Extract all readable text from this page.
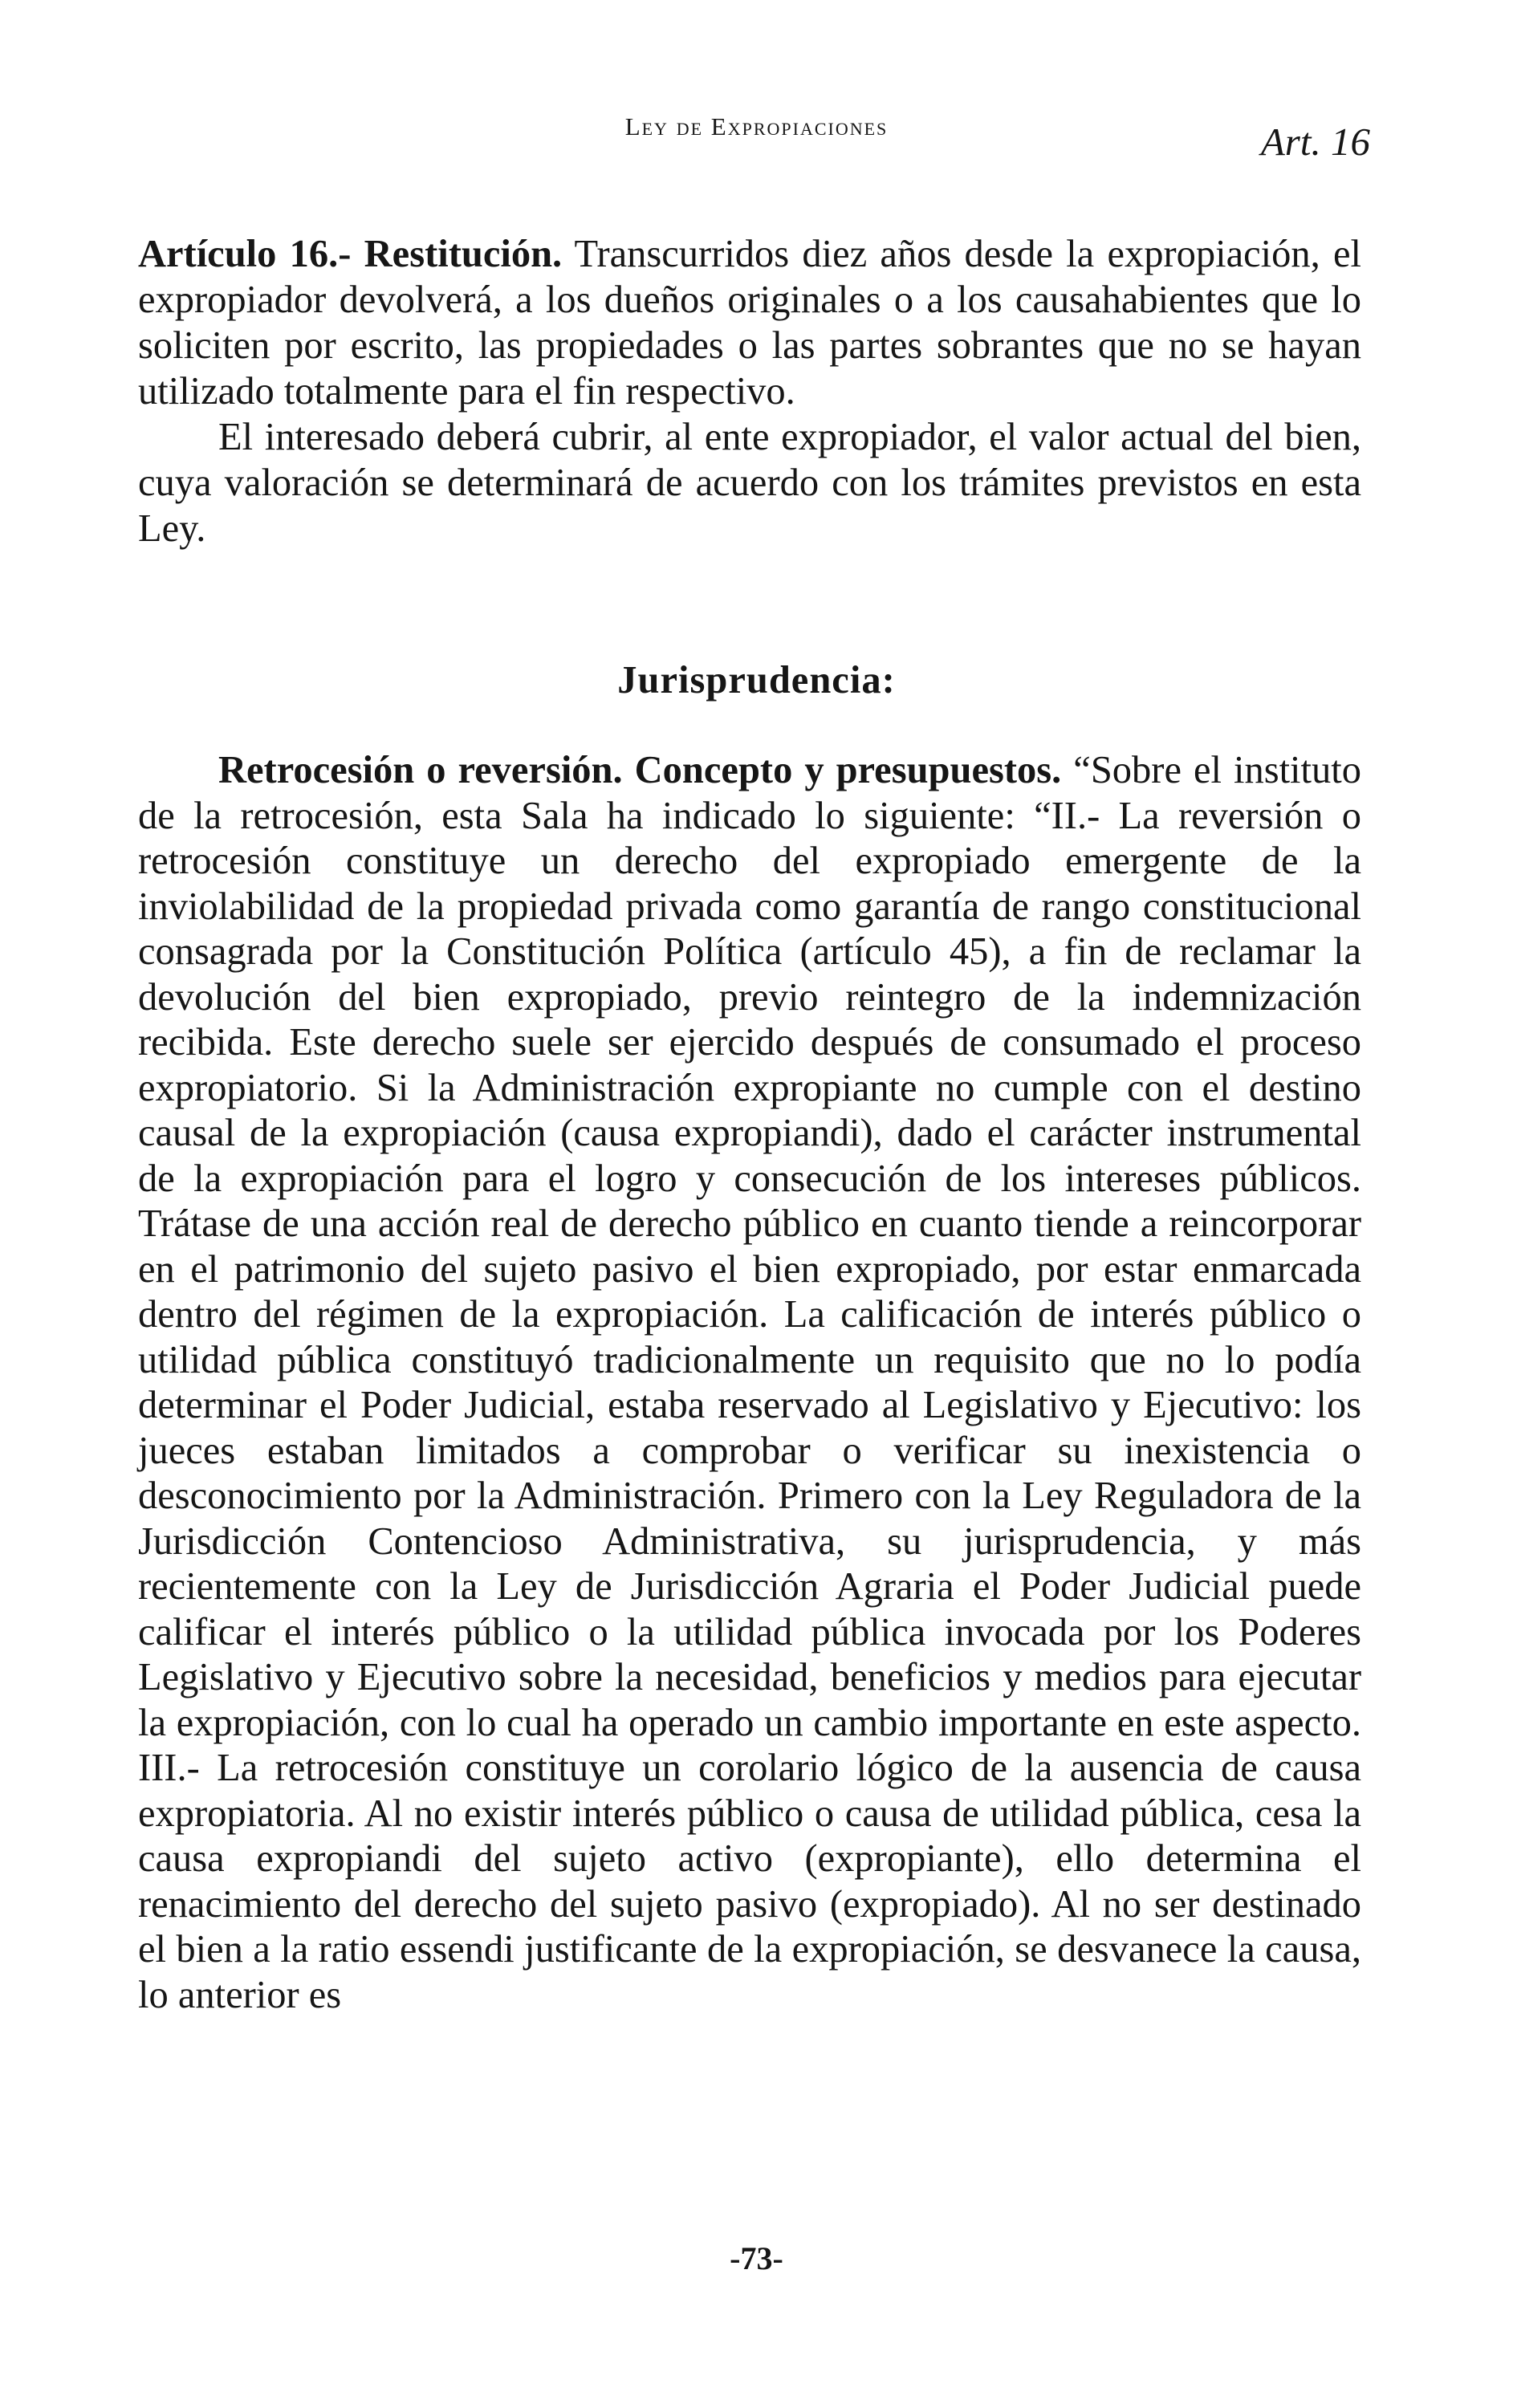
Ley de Expropiaciones	Art. 16

Artículo 16.- Restitución. Transcurridos diez años desde la expropiación, el expropiador devolverá, a los dueños originales o a los causahabientes que lo soliciten por escrito, las propiedades o las partes sobrantes que no se hayan utilizado totalmente para el fin respectivo.

El interesado deberá cubrir, al ente expropiador, el valor actual del bien, cuya valoración se determinará de acuerdo con los trámites previstos en esta Ley.

Jurisprudencia:

Retrocesión o reversión. Concepto y presupuestos. “Sobre el instituto de la retrocesión, esta Sala ha indicado lo siguiente: “II.- La reversión o retrocesión constituye un derecho del expropiado emergente de la inviolabilidad de la propiedad privada como garantía de rango constitucional consagrada por la Constitución Política (artículo 45), a fin de reclamar la devolución del bien expropiado, previo reintegro de la indemnización recibida. Este derecho suele ser ejercido después de consumado el proceso expropiatorio. Si la Administración expropiante no cumple con el destino causal de la expropiación (causa expropiandi), dado el carácter instrumental de la expropiación para el logro y consecución de los intereses públicos. Trátase de una acción real de derecho público en cuanto tiende a reincorporar en el patrimonio del sujeto pasivo el bien expropiado, por estar enmarcada dentro del régimen de la expropiación. La calificación de interés público o utilidad pública constituyó tradicionalmente un requisito que no lo podía determinar el Poder Judicial, estaba reservado al Legislativo y Ejecutivo: los jueces estaban limitados a comprobar o verificar su inexistencia o desconocimiento por la Administración. Primero con la Ley Reguladora de la Jurisdicción Contencioso Administrativa, su jurisprudencia, y más recientemente con la Ley de Jurisdicción Agraria el Poder Judicial puede calificar el interés público o la utilidad pública invocada por los Poderes Legislativo y Ejecutivo sobre la necesidad, beneficios y medios para ejecutar la expropiación, con lo cual ha operado un cambio importante en este aspecto. III.- La retrocesión constituye un corolario lógico de la ausencia de causa expropiatoria. Al no existir interés público o causa de utilidad pública, cesa la causa expropiandi del sujeto activo (expropiante), ello determina el renacimiento del derecho del sujeto pasivo (expropiado). Al no ser destinado el bien a la ratio essendi justificante de la expropiación, se desvanece la causa, lo anterior es

-73-
